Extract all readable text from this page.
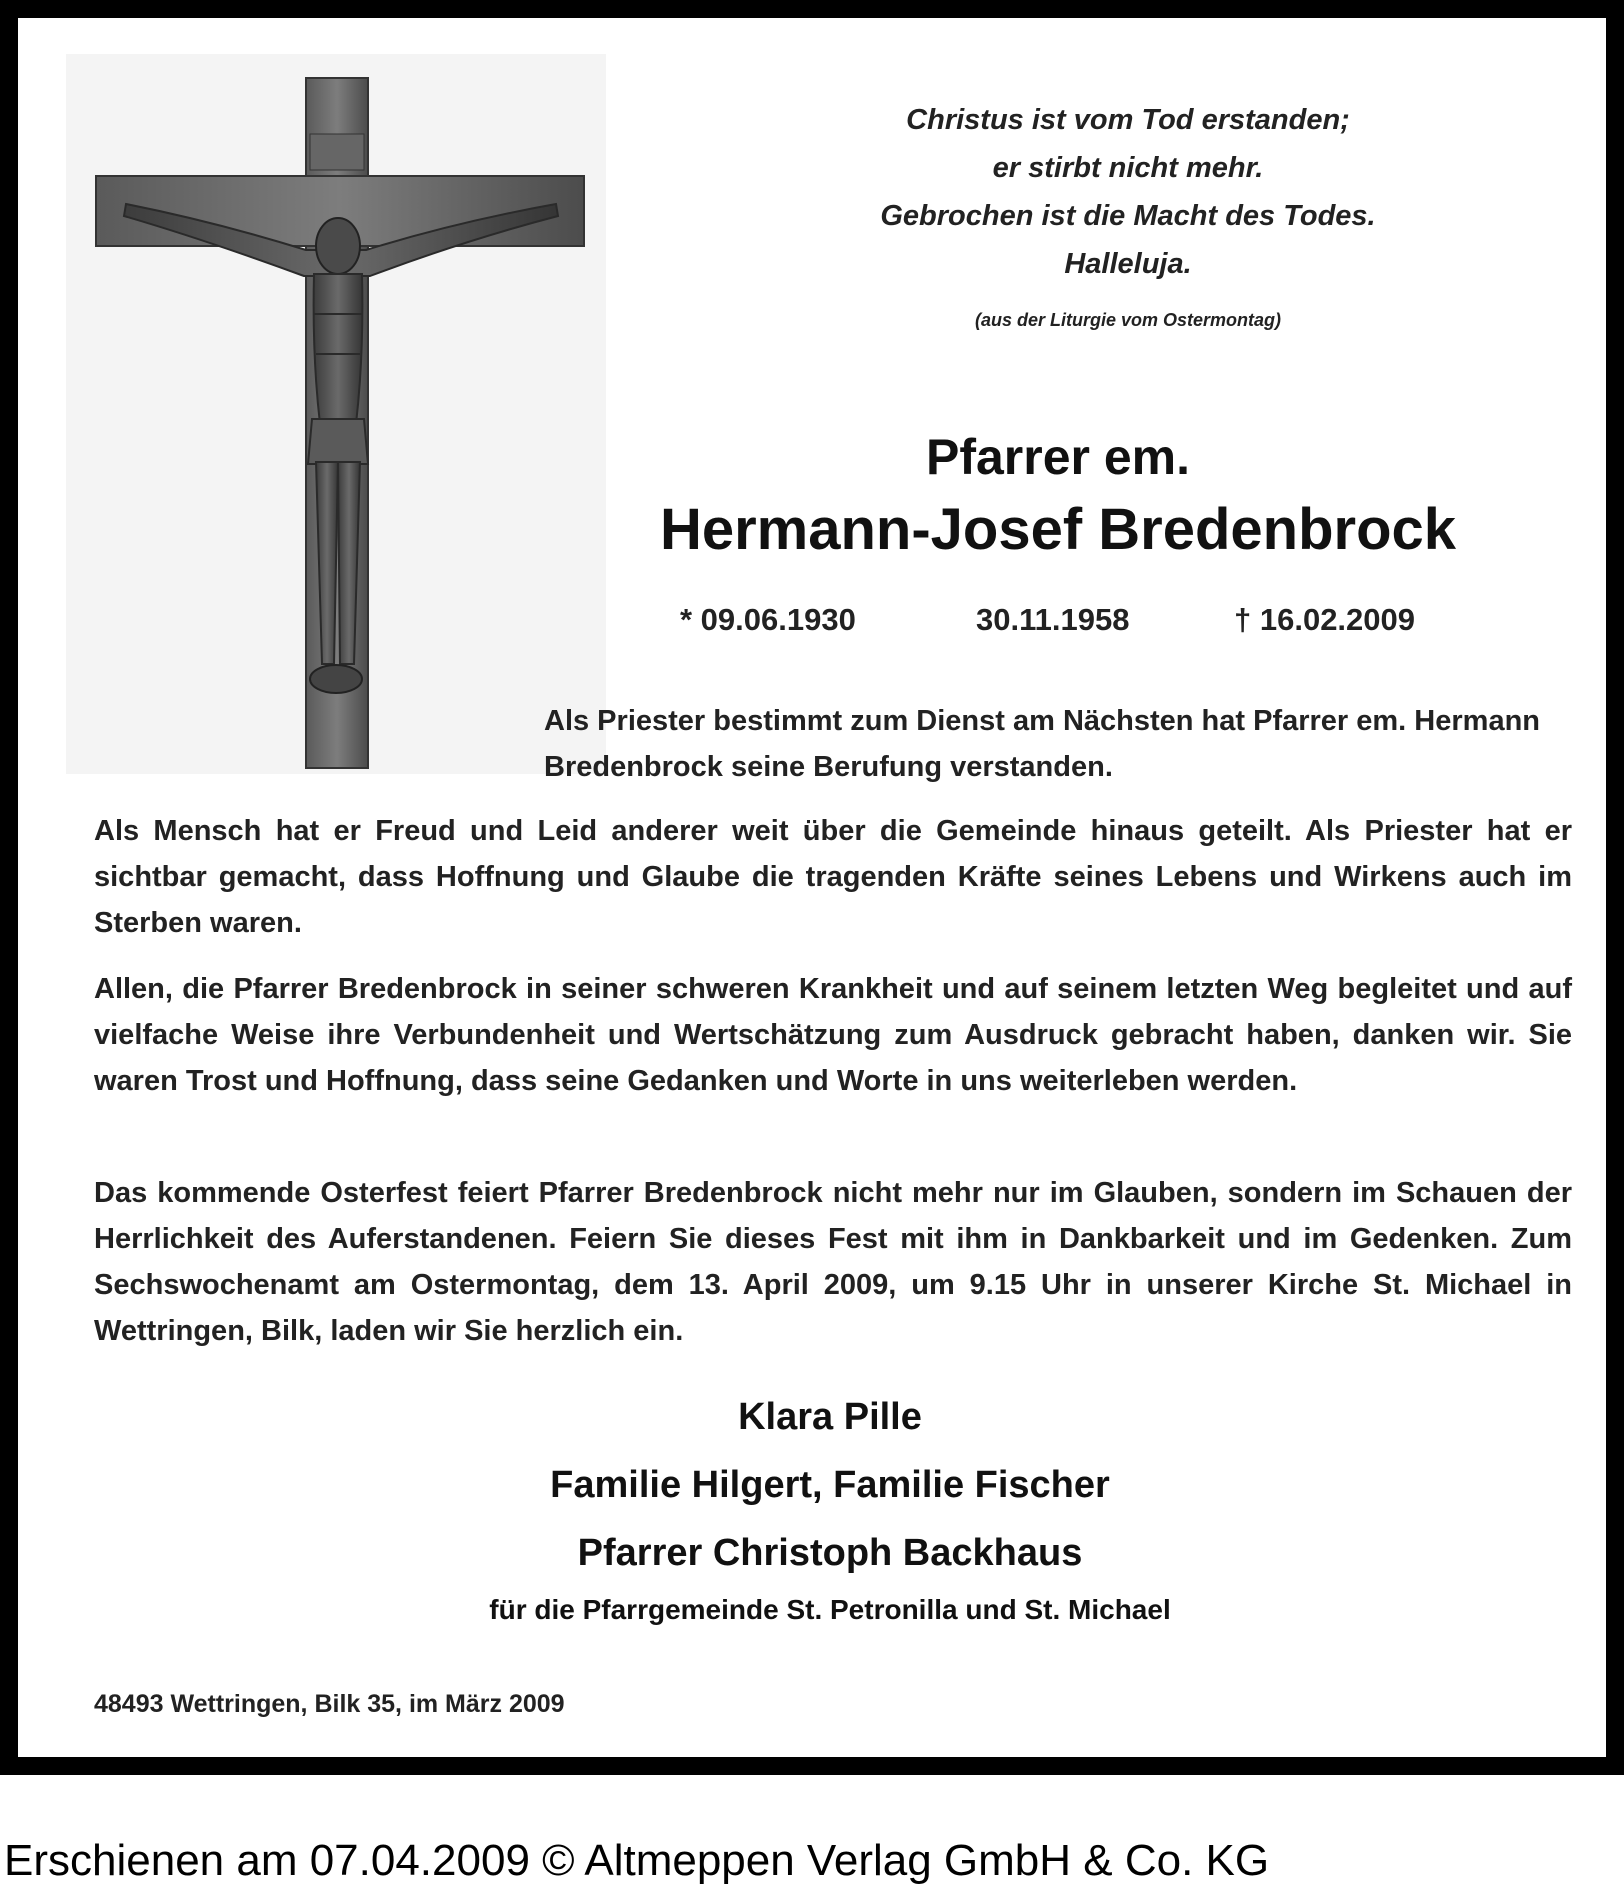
Christus ist vom Tod erstanden;
er stirbt nicht mehr.
Gebrochen ist die Macht des Todes.
Halleluja.
(aus der Liturgie vom Ostermontag)
Pfarrer em.
Hermann-Josef Bredenbrock
* 09.06.1930	30.11.1958	† 16.02.2009
Als Priester bestimmt zum Dienst am Nächsten hat Pfarrer em. Hermann Bredenbrock seine Berufung verstanden.
Als Mensch hat er Freud und Leid anderer weit über die Gemeinde hinaus geteilt. Als Priester hat er sichtbar gemacht, dass Hoffnung und Glaube die tragenden Kräfte seines Lebens und Wirkens auch im Sterben waren.
Allen, die Pfarrer Bredenbrock in seiner schweren Krankheit und auf seinem letzten Weg begleitet und auf vielfache Weise ihre Verbundenheit und Wertschätzung zum Ausdruck gebracht haben, danken wir. Sie waren Trost und Hoffnung, dass seine Gedanken und Worte in uns weiterleben werden.
Das kommende Osterfest feiert Pfarrer Bredenbrock nicht mehr nur im Glauben, sondern im Schauen der Herrlichkeit des Auferstandenen. Feiern Sie dieses Fest mit ihm in Dankbarkeit und im Gedenken. Zum Sechswochenamt am Ostermontag, dem 13. April 2009, um 9.15 Uhr in unserer Kirche St. Michael in Wettringen, Bilk, laden wir Sie herzlich ein.
Klara Pille
Familie Hilgert, Familie Fischer
Pfarrer Christoph Backhaus
für die Pfarrgemeinde St. Petronilla und St. Michael
48493 Wettringen, Bilk 35, im März 2009
Erschienen am 07.04.2009 © Altmeppen Verlag GmbH & Co. KG
